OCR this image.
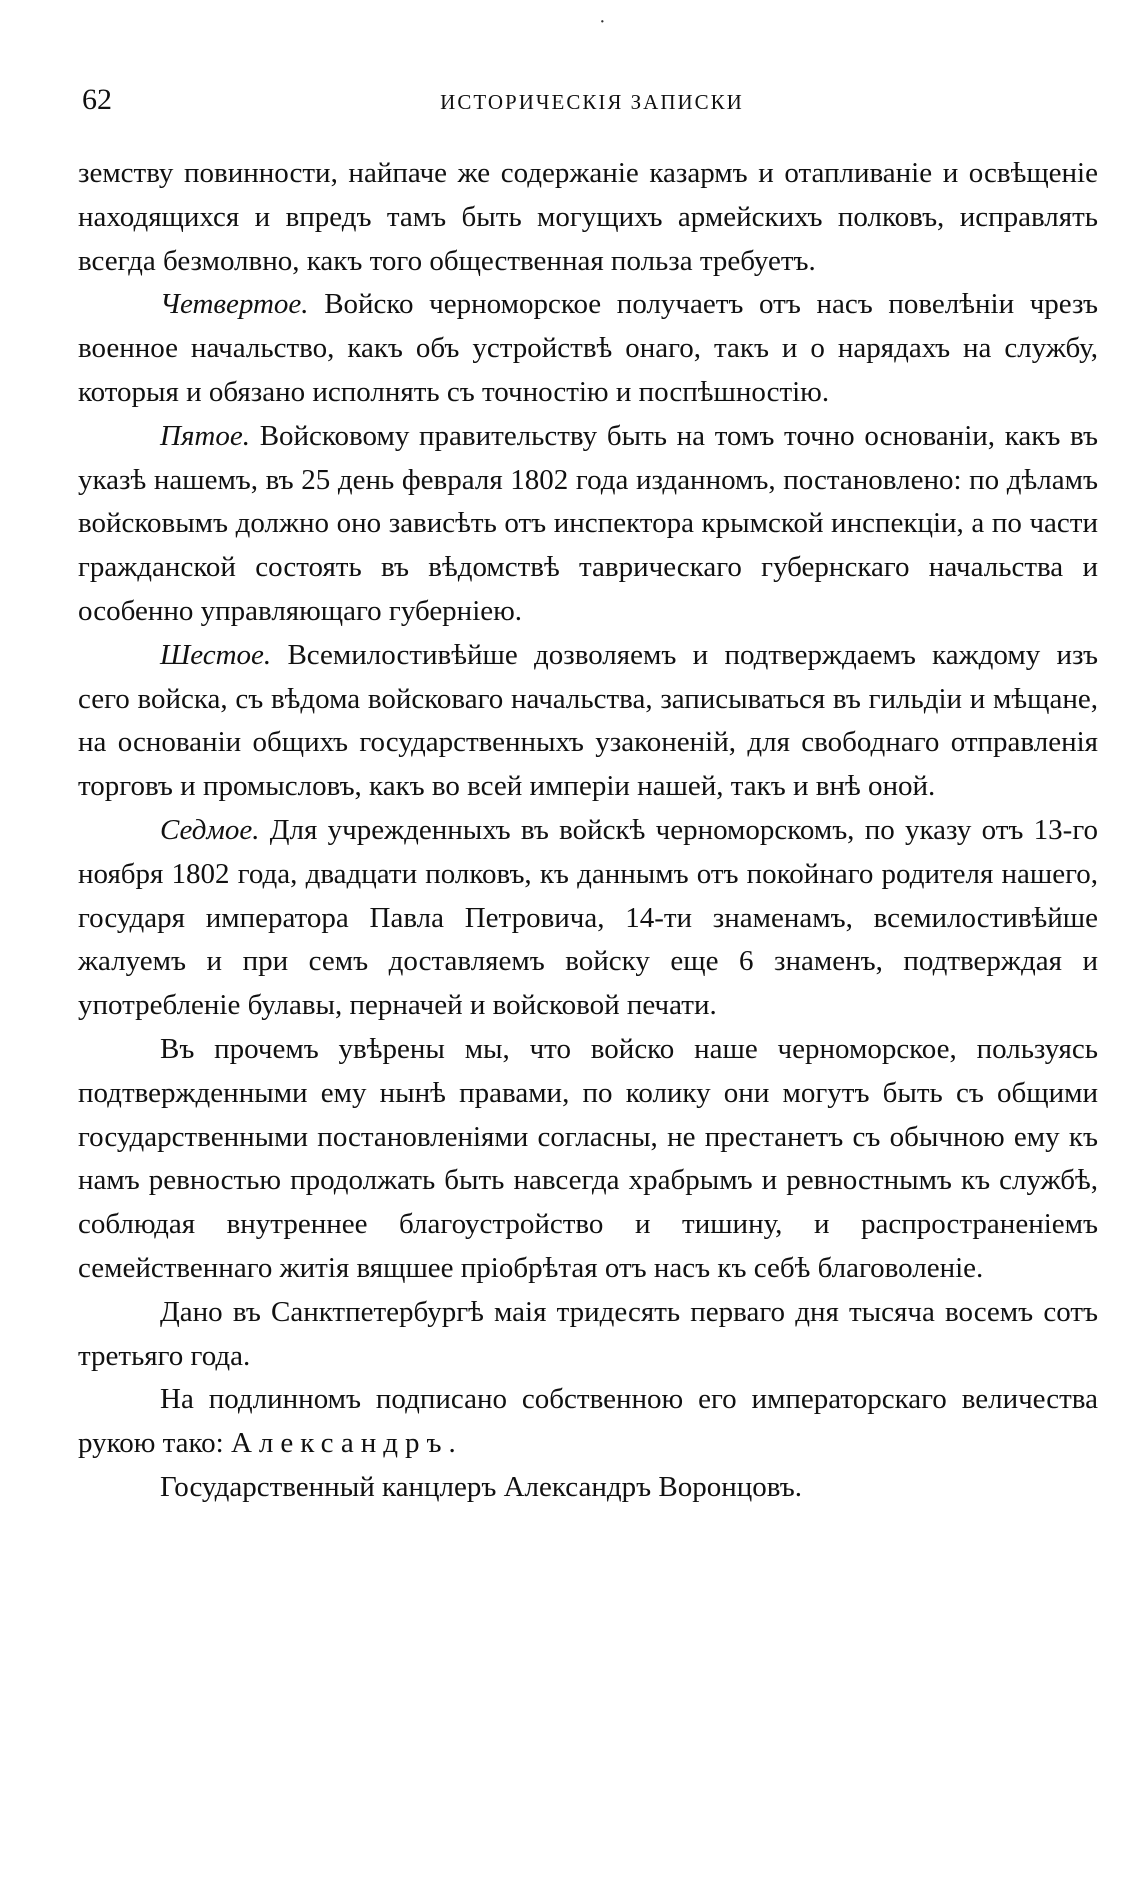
·
62	ИСТОРИЧЕСКІЯ ЗАПИСКИ

земству повинности, найпаче же содержаніе казармъ и отапливаніе и освѣщеніе находящихся и впредъ тамъ быть могущихъ армейскихъ полковъ, исправлять всегда безмолвно, какъ того общественная польза требуетъ.

Четвертое. Войско черноморское получаетъ отъ насъ повелѣніи чрезъ военное начальство, какъ объ устройствѣ онаго, такъ и о нарядахъ на службу, которыя и обязано исполнять съ точностію и поспѣшностію.

Пятое. Войсковому правительству быть на томъ точно основаніи, какъ въ указѣ нашемъ, въ 25 день февраля 1802 года изданномъ, постановлено: по дѣламъ войсковымъ должно оно зависѣть отъ инспектора крымской инспекціи, а по части гражданской состоять въ вѣдомствѣ таврическаго губернскаго начальства и особенно управляющаго губерніею.

Шестое. Всемилостивѣйше дозволяемъ и подтверждаемъ каждому изъ сего войска, съ вѣдома войсковаго начальства, записываться въ гильдіи и мѣщане, на основаніи общихъ государственныхъ узаконеній, для свободнаго отправленія торговъ и промысловъ, какъ во всей имперіи нашей, такъ и внѣ оной.

Седмое. Для учрежденныхъ въ войскѣ черноморскомъ, по указу отъ 13-го ноября 1802 года, двадцати полковъ, къ даннымъ отъ покойнаго родителя нашего, государя императора Павла Петровича, 14-ти знаменамъ, всемилостивѣйше жалуемъ и при семъ доставляемъ войску еще 6 знаменъ, подтверждая и употребленіе булавы, перначей и войсковой печати.

Въ прочемъ увѣрены мы, что войско наше черноморское, пользуясь подтвержденными ему нынѣ правами, по колику они могутъ быть съ общими государственными постановленіями согласны, не престанетъ съ обычною ему къ намъ ревностью продолжать быть навсегда храбрымъ и ревностнымъ къ службѣ, соблюдая внутреннее благоустройство и тишину, и распространеніемъ семейственнаго житія вящшее пріобрѣтая отъ насъ къ себѣ благоволеніе.

Дано въ Санктпетербургѣ маія тридесять перваго дня тысяча восемъ сотъ третьяго года.

На подлинномъ подписано собственною его императорскаго величества рукою тако: Александръ.

Государственный канцлеръ Александръ Воронцовъ.
